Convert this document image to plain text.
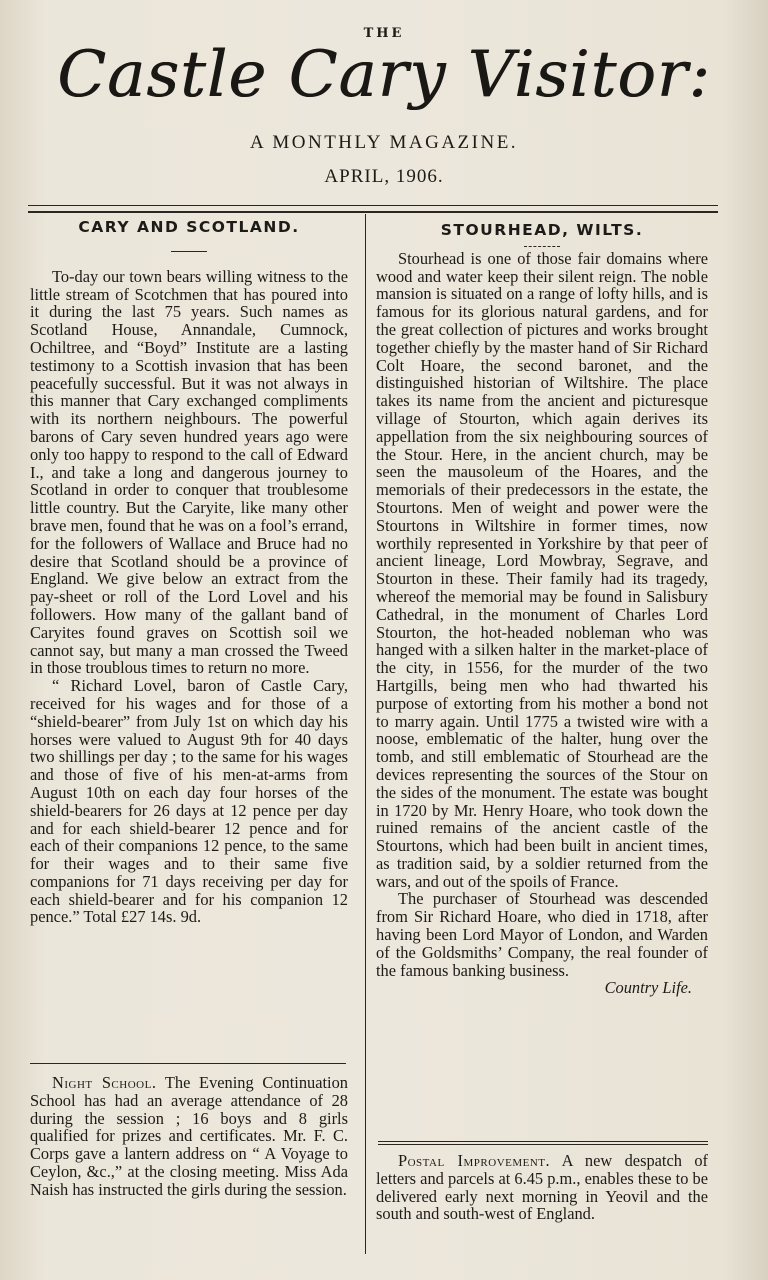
THE
Castle Cary Visitor:
A MONTHLY MAGAZINE.
APRIL, 1906.
CARY AND SCOTLAND.

To-day our town bears willing witness to the little stream of Scotchmen that has poured into it during the last 75 years. Such names as Scotland House, Annandale, Cumnock, Ochiltree, and “Boyd” Institute are a lasting testimony to a Scottish invasion that has been peacefully successful. But it was not always in this manner that Cary exchanged compliments with its northern neighbours. The powerful barons of Cary seven hundred years ago were only too happy to respond to the call of Edward I., and take a long and dangerous journey to Scotland in order to conquer that troublesome little country. But the Caryite, like many other brave men, found that he was on a fool’s errand, for the followers of Wallace and Bruce had no desire that Scotland should be a province of England. We give below an extract from the pay-sheet or roll of the Lord Lovel and his followers. How many of the gallant band of Caryites found graves on Scottish soil we cannot say, but many a man crossed the Tweed in those troublous times to return no more.

“ Richard Lovel, baron of Castle Cary, received for his wages and for those of a “shield-bearer” from July 1st on which day his horses were valued to August 9th for 40 days two shillings per day ; to the same for his wages and those of five of his men-at-arms from August 10th on each day four horses of the shield-bearers for 26 days at 12 pence per day and for each shield-bearer 12 pence and for each of their companions 12 pence, to the same for their wages and to their same five companions for 71 days receiving per day for each shield-bearer and for his companion 12 pence.” Total £27 14s. 9d.

Night School. The Evening Continuation School has had an average attendance of 28 during the session ; 16 boys and 8 girls qualified for prizes and certificates. Mr. F. C. Corps gave a lantern address on “ A Voyage to Ceylon, &c.,” at the closing meeting. Miss Ada Naish has instructed the girls during the session.

STOURHEAD, WILTS.

Stourhead is one of those fair domains where wood and water keep their silent reign. The noble mansion is situated on a range of lofty hills, and is famous for its glorious natural gardens, and for the great collection of pictures and works brought together chiefly by the master hand of Sir Richard Colt Hoare, the second baronet, and the distinguished historian of Wiltshire. The place takes its name from the ancient and picturesque village of Stourton, which again derives its appellation from the six neighbouring sources of the Stour. Here, in the ancient church, may be seen the mausoleum of the Hoares, and the memorials of their predecessors in the estate, the Stourtons. Men of weight and power were the Stourtons in Wiltshire in former times, now worthily represented in Yorkshire by that peer of ancient lineage, Lord Mowbray, Segrave, and Stourton in these. Their family had its tragedy, whereof the memorial may be found in Salisbury Cathedral, in the monument of Charles Lord Stourton, the hot-headed nobleman who was hanged with a silken halter in the market-place of the city, in 1556, for the murder of the two Hartgills, being men who had thwarted his purpose of extorting from his mother a bond not to marry again. Until 1775 a twisted wire with a noose, emblematic of the halter, hung over the tomb, and still emblematic of Stourhead are the devices representing the sources of the Stour on the sides of the monument. The estate was bought in 1720 by Mr. Henry Hoare, who took down the ruined remains of the ancient castle of the Stourtons, which had been built in ancient times, as tradition said, by a soldier returned from the wars, and out of the spoils of France.

The purchaser of Stourhead was descended from Sir Richard Hoare, who died in 1718, after having been Lord Mayor of London, and Warden of the Goldsmiths’ Company, the real founder of the famous banking business.

Country Life.

Postal Improvement. A new despatch of letters and parcels at 6.45 p.m., enables these to be delivered early next morning in Yeovil and the south and south-west of England.
